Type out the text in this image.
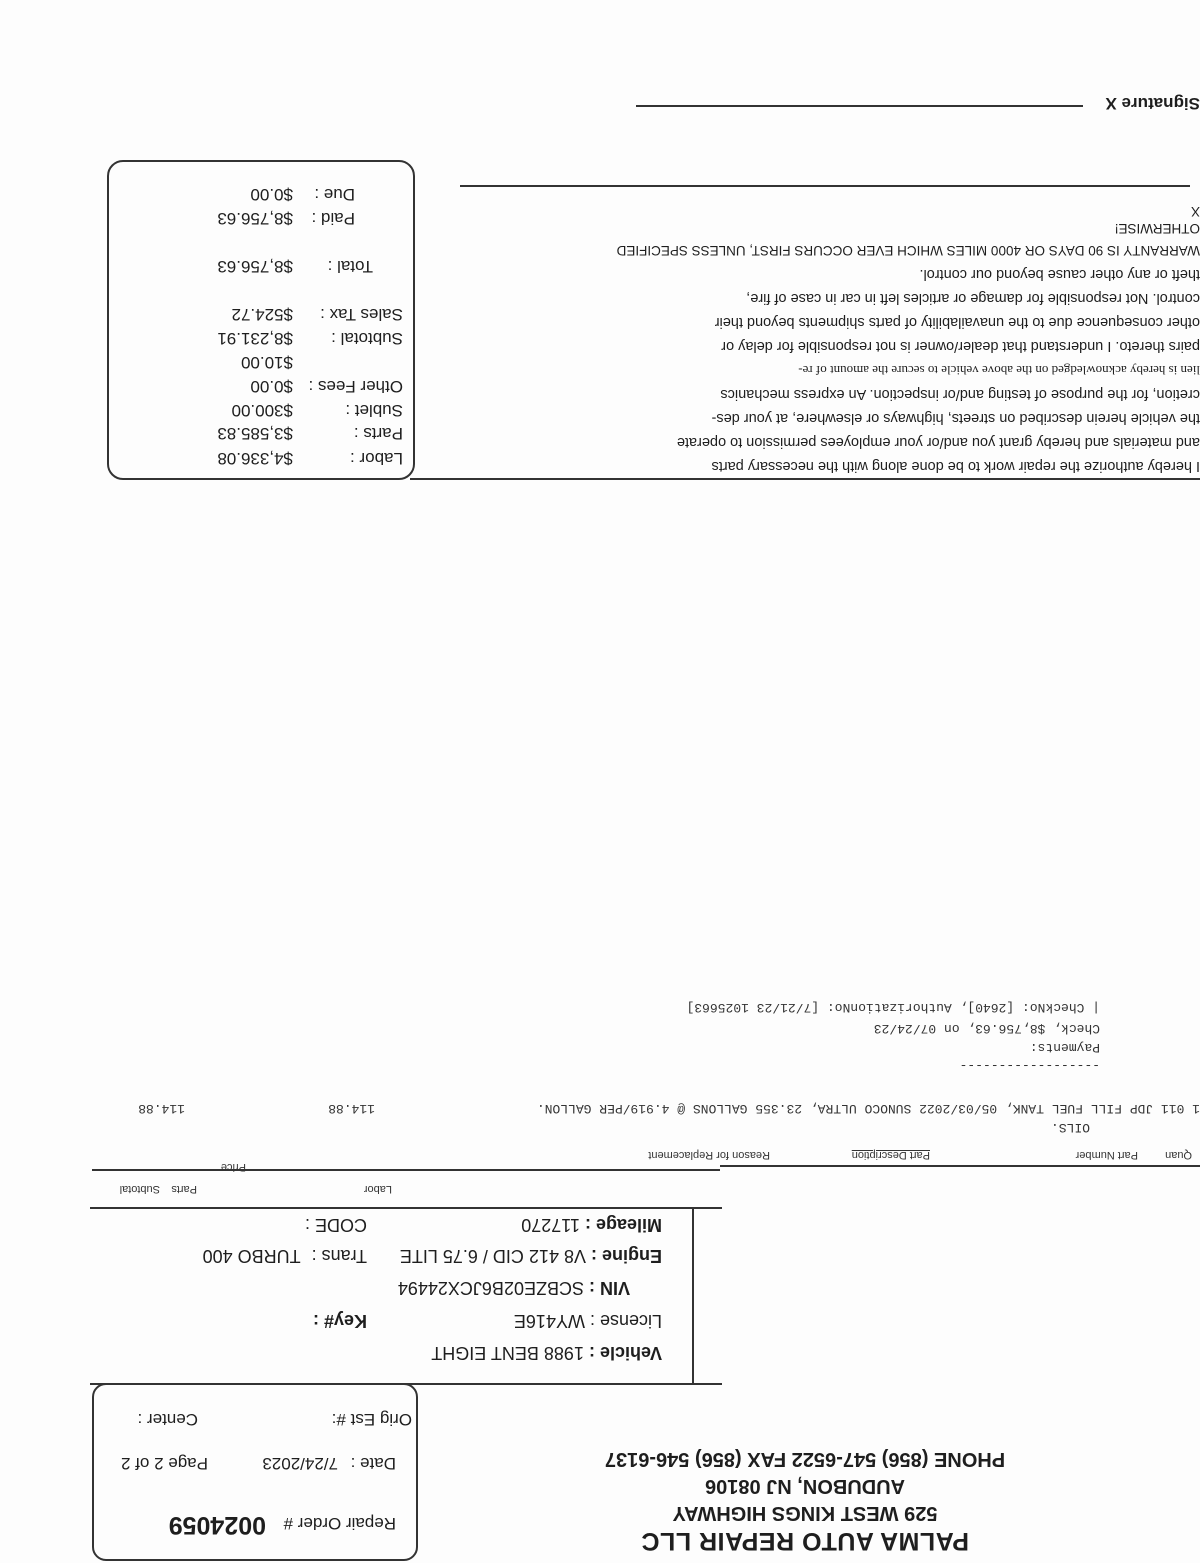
PALMA AUTO REPAIR LLC
529 WEST KINGS HIGHWAY
AUDUBON, NJ 08106
PHONE (856) 547-6522 FAX (856) 546-6137
Repair Order #
0024059
Date :
7/24/2023
Page 2 of 2
Orig Est #:
Center :
Vehicle : 1988 BENT EIGHT
License : WY416E
Key# :
VIN : SCBZE02B6JCX24494
Engine : V8 412 CID / 6.75 LITE
Trans : TURBO 400
Mileage : 117270
CODE :
Labor
Parts
Subtotal
Quan
Part Number
Part Description
Reason for Replacement
Price
OILS.
1 011 JDP FILL FUEL TANK, 05/03/2022 SUNOCO ULTRA, 23.355 GALLONS @ 4.919/PER GALLON.
114.88
114.88
------------------
Payments:
Check, $8,756.63, on 07/24/23
| CheckNo: [2640], AuthorizationNo: [7/21/23 1025663]
I hereby authorize the repair work to be done along with the necessary parts
and materials and hereby grant you and/or your employees permission to operate
the vehicle herein described on streets, highways or elsewhere, at your des-
cretion, for the purpose of testing and/or inspection. An express mechanics
lien is hereby acknowledged on the above vehicle to secure the amount of re-
pairs thereto. I understand that dealer/owner is not responsible for delay or
other consequence due to the unavailability of parts shipments beyond their
control. Not responsible for damage or articles left in car in case of fire,
theft or any other cause beyond our control.
WARRANTY IS 90 DAYS OR 4000 MILES WHICH EVER OCCURS FIRST, UNLESS SPECIFIED
OTHERWISE!
X
Labor :
$4,336.08
Parts :
$3,585.83
Sublet :
$300.00
Other Fees :
$0.00
$10.00
Subtotal :
$8,231.91
Sales Tax :
$524.72
Total :
$8,756.63
Paid :
$8,756.63
Due :
$0.00
Signature X
